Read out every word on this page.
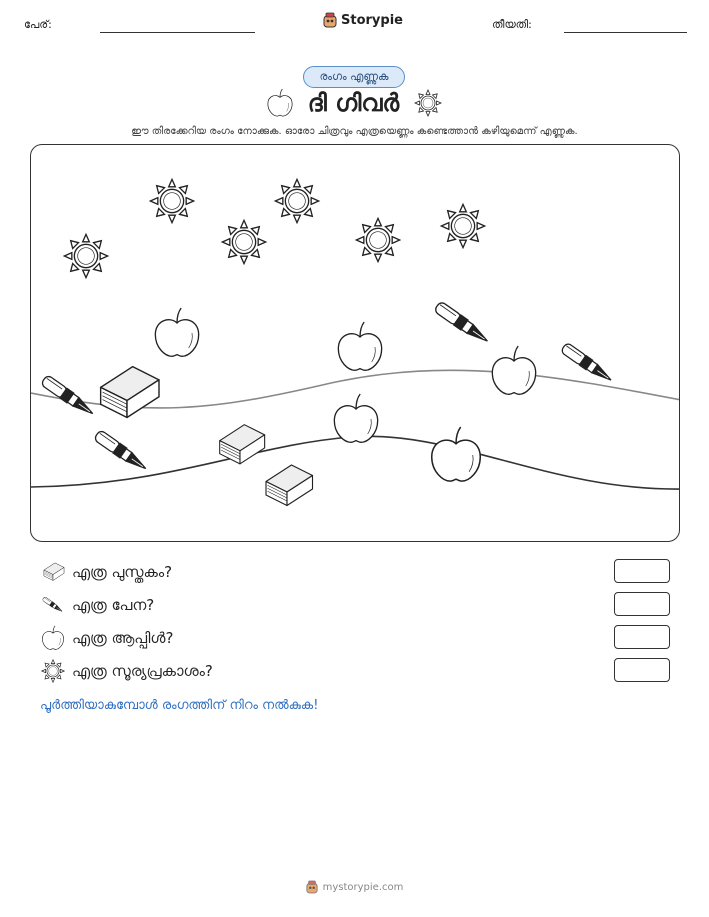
പേര്:	Storypie	തീയതി:
രംഗം എണ്ണുക
ദി ഗിവർ
ഈ തിരക്കേറിയ രംഗം നോക്കുക. ഓരോ ചിത്രവും എത്രയെണ്ണം കണ്ടെത്താൻ കഴിയുമെന്ന് എണ്ണുക.
എത്ര പുസ്തകം?
എത്ര പേന?
എത്ര ആപ്പിൾ?
എത്ര സൂര്യപ്രകാശം?
പൂർത്തിയാകുമ്പോൾ രംഗത്തിന് നിറം നൽകുക!
mystorypie.com
